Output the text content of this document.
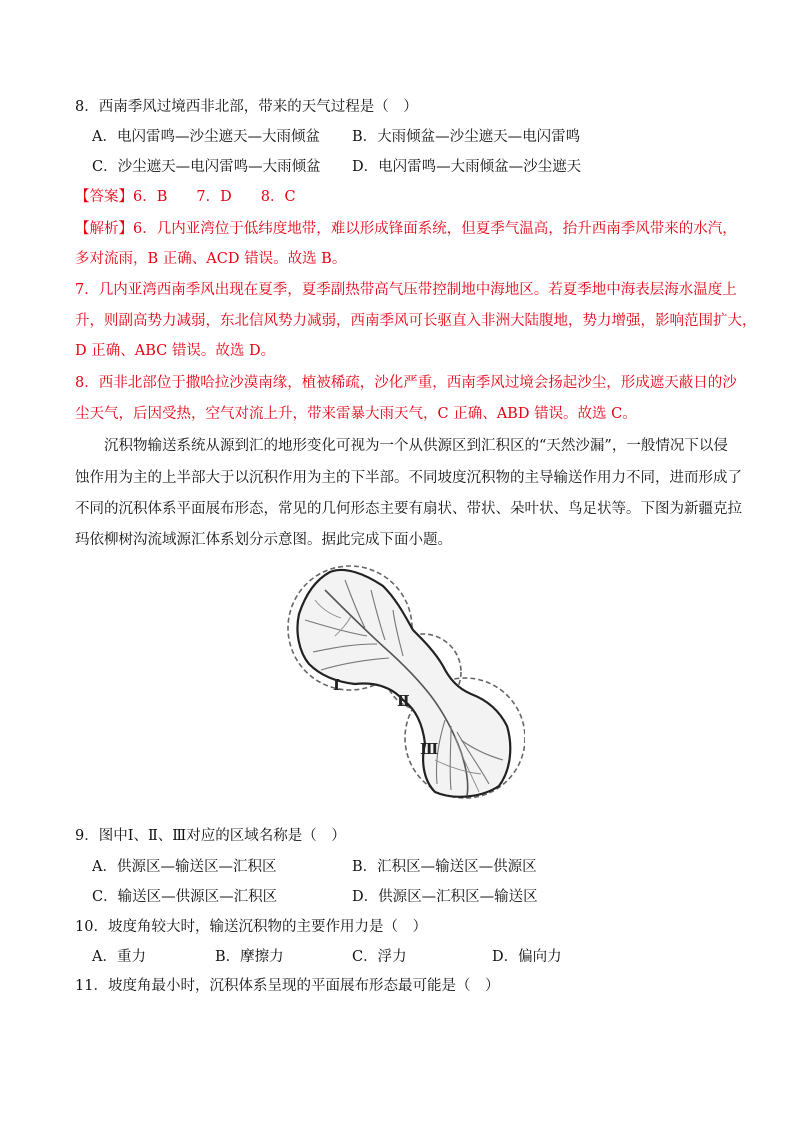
8．西南季风过境西非北部，带来的天气过程是（　）
A．电闪雷鸣—沙尘遮天—大雨倾盆 B．大雨倾盆—沙尘遮天—电闪雷鸣
C．沙尘遮天—电闪雷鸣—大雨倾盆 D．电闪雷鸣—大雨倾盆—沙尘遮天
【答案】6．B　　7．D　　8．C
【解析】6．几内亚湾位于低纬度地带，难以形成锋面系统，但夏季气温高，抬升西南季风带来的水汽，
多对流雨，B 正确、ACD 错误。故选 B。
7．几内亚湾西南季风出现在夏季，夏季副热带高气压带控制地中海地区。若夏季地中海表层海水温度上
升，则副高势力减弱，东北信风势力减弱，西南季风可长驱直入非洲大陆腹地，势力增强，影响范围扩大，
D 正确、ABC 错误。故选 D。
8．西非北部位于撒哈拉沙漠南缘，植被稀疏，沙化严重，西南季风过境会扬起沙尘，形成遮天蔽日的沙
尘天气，后因受热，空气对流上升，带来雷暴大雨天气，C 正确、ABD 错误。故选 C。
沉积物输送系统从源到汇的地形变化可视为一个从供源区到汇积区的“天然沙漏”，一般情况下以侵
蚀作用为主的上半部大于以沉积作用为主的下半部。不同坡度沉积物的主导输送作用力不同，进而形成了
不同的沉积体系平面展布形态，常见的几何形态主要有扇状、带状、朵叶状、鸟足状等。下图为新疆克拉
玛依柳树沟流域源汇体系划分示意图。据此完成下面小题。
Ⅰ
Ⅱ
Ⅲ
9．图中Ⅰ、Ⅱ、Ⅲ对应的区域名称是（　）
A．供源区—输送区—汇积区	B．汇积区—输送区—供源区
C．输送区—供源区—汇积区	D．供源区—汇积区—输送区
10．坡度角较大时，输送沉积物的主要作用力是（　）
A．重力	B．摩擦力	C．浮力	D．偏向力
11．坡度角最小时，沉积体系呈现的平面展布形态最可能是（　）
